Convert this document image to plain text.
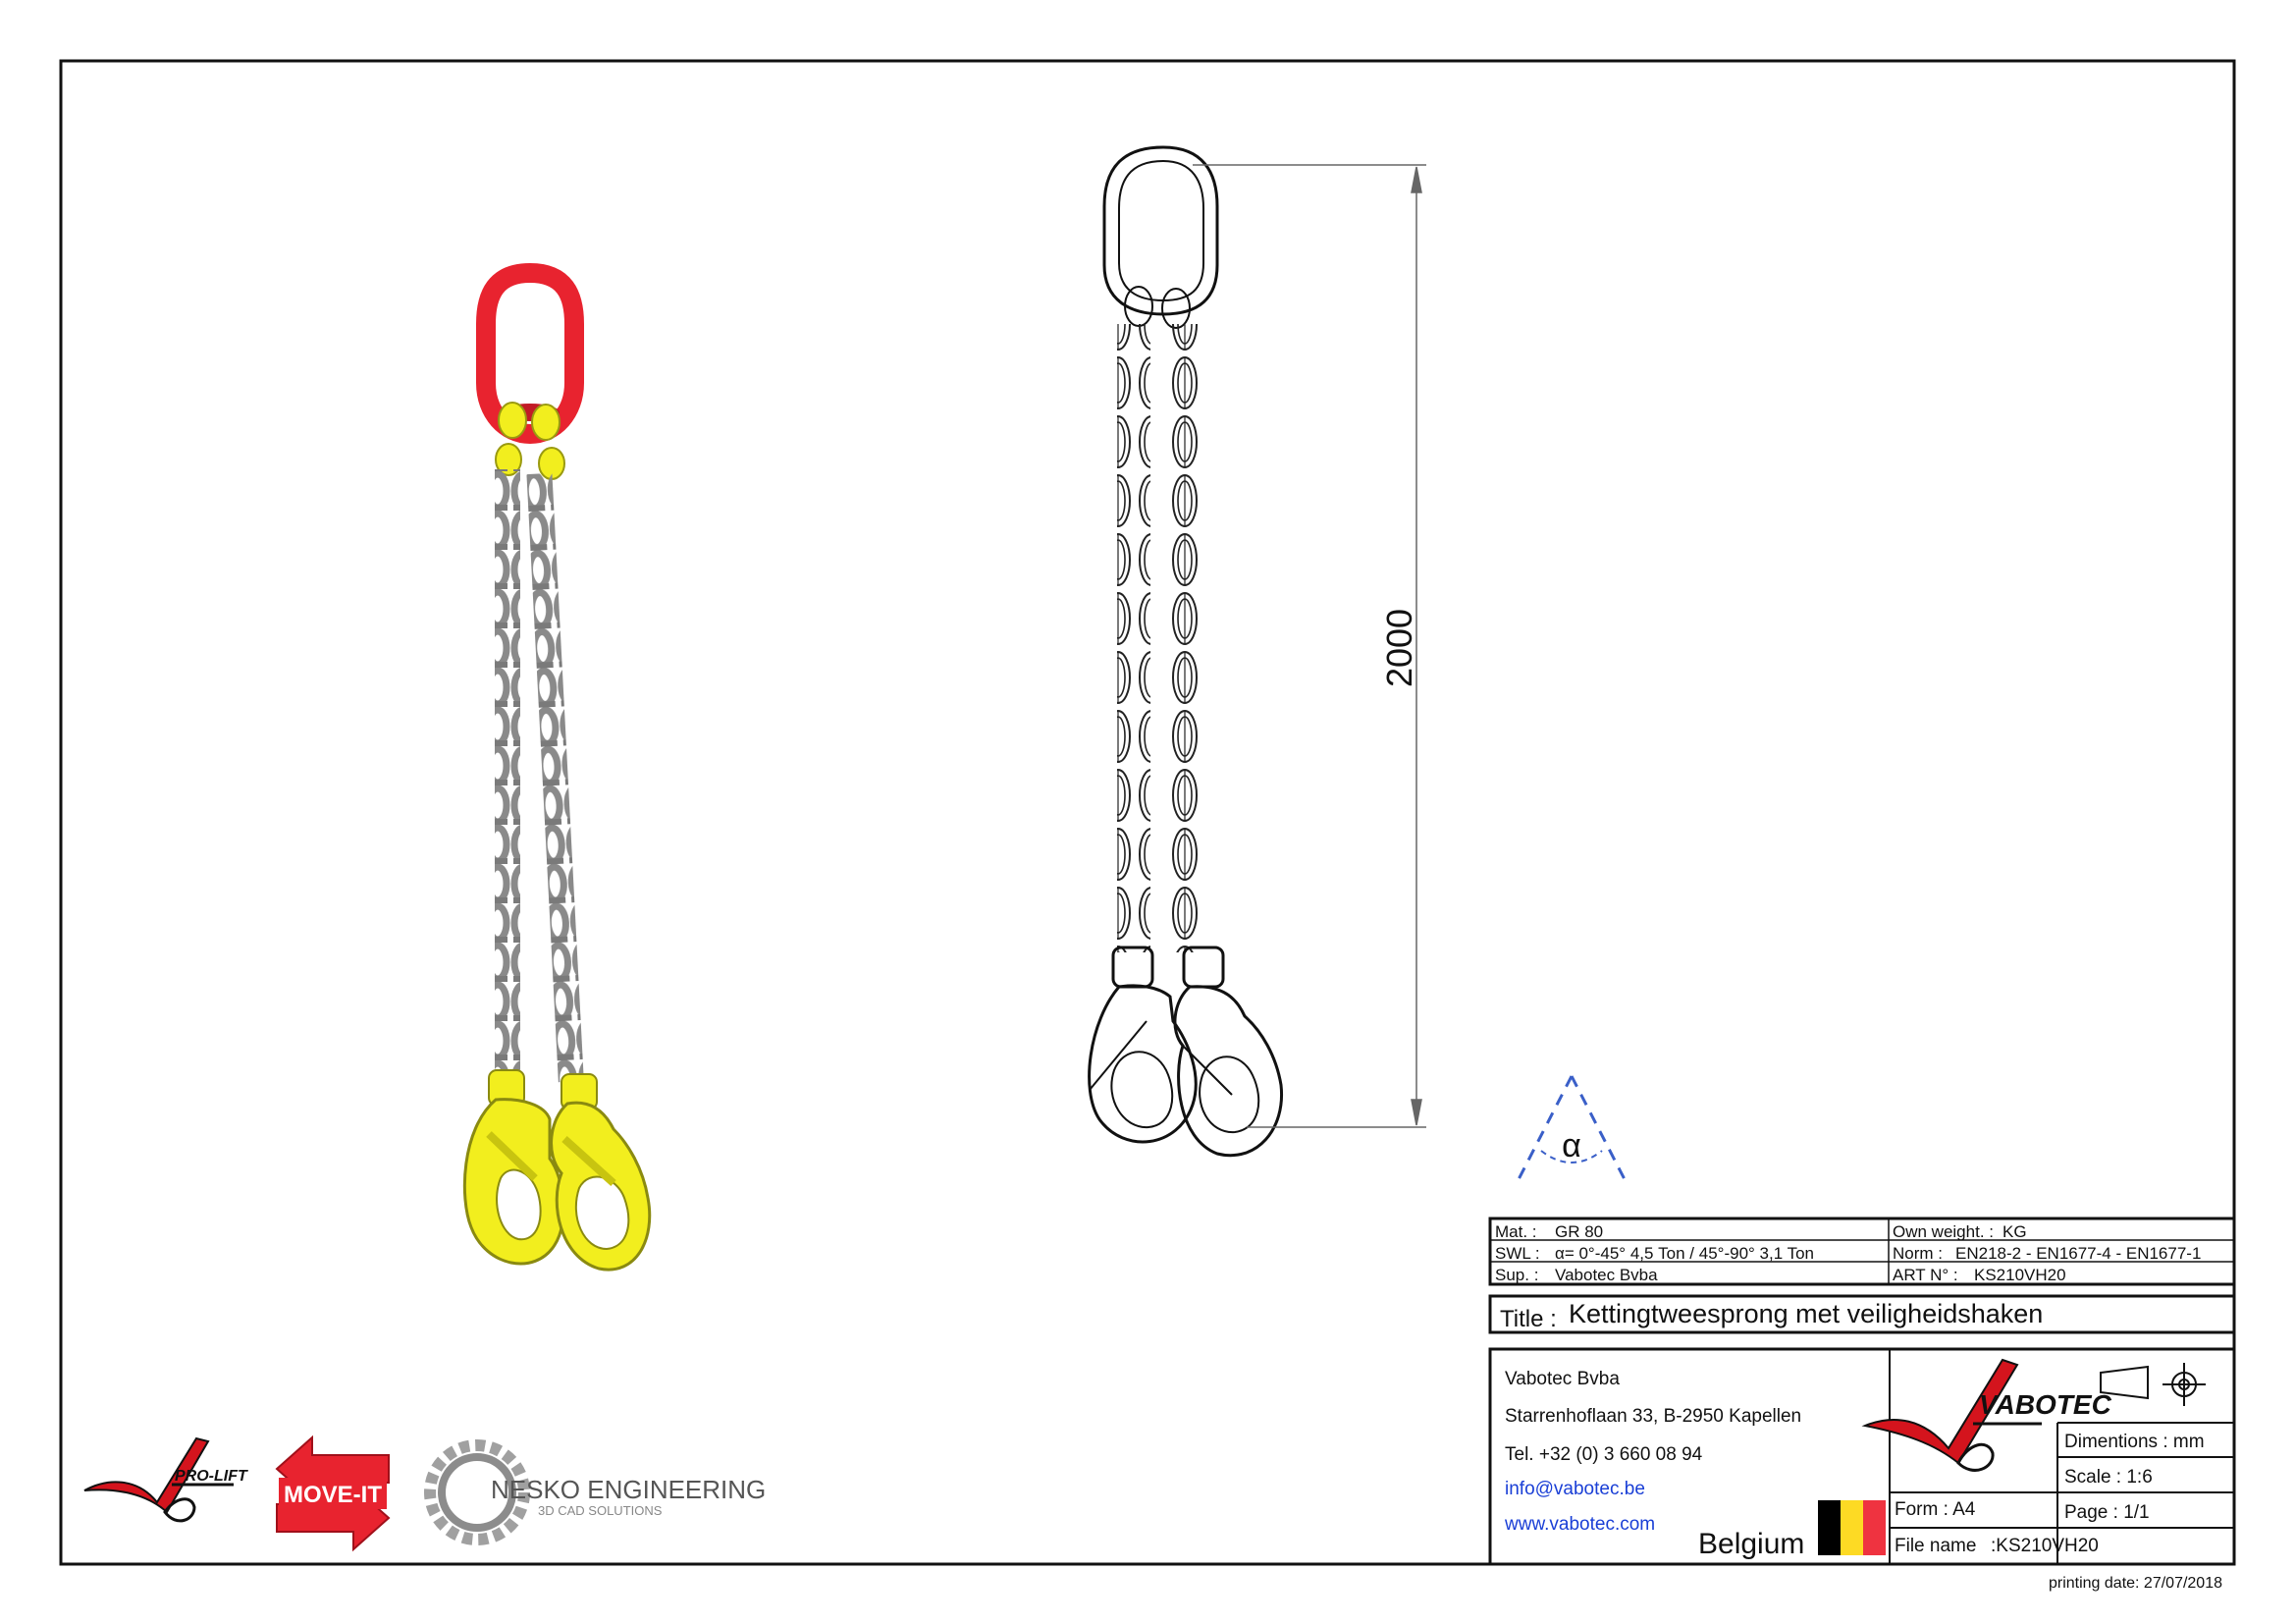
2000
α
Mat. : GR 80
SWL : α= 0°-45° 4,5 Ton / 45°-90° 3,1 Ton
Sup. : Vabotec Bvba
Own weight. : KG
Norm : EN218-2 - EN1677-4 - EN1677-1
ART N° : KS210VH20
Title : Kettingtweesprong met veiligheidshaken
Vabotec Bvba
Starrenhoflaan 33, B-2950 Kapellen
Tel. +32 (0) 3 660 08 94
info@vabotec.be
www.vabotec.com
Belgium
VABOTEC
Dimentions : mm
Scale : 1:6
Form : A4	Page : 1/1
File name :KS210VH20
printing date: 27/07/2018
PRO-LIFT
MOVE-IT	NESKO ENGINEERING
3D CAD SOLUTIONS
